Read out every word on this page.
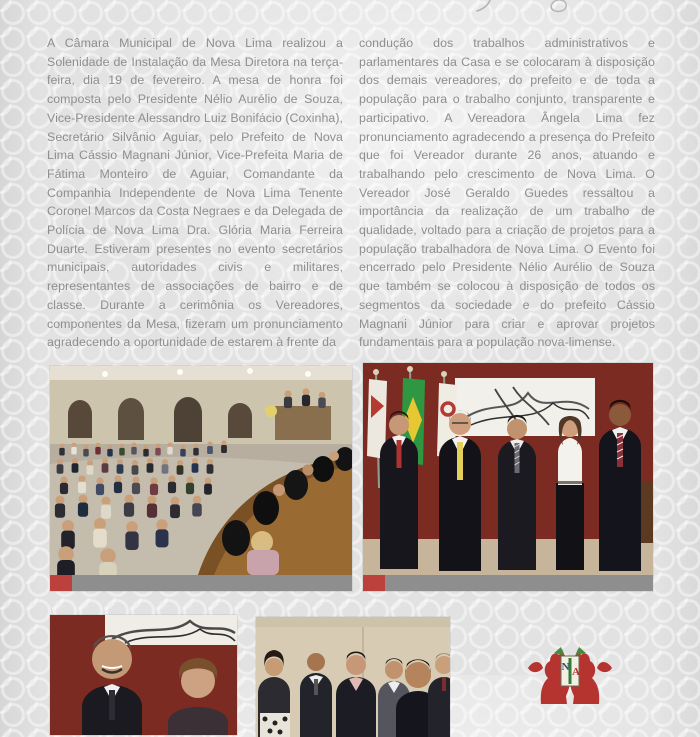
A Câmara Municipal de Nova Lima realizou a Solenidade de Instalação da Mesa Diretora na terça-feira, dia 19 de fevereiro. A mesa de honra foi composta pelo Presidente Nélio Aurélio de Souza, Vice-Presidente Alessandro Luiz Bonifácio (Coxinha), Secretário Silvânio Aguiar, pelo Prefeito de Nova Lima Cássio Magnani Júnior, Vice-Prefeita Maria de Fátima Monteiro de Aguiar, Comandante da Companhia Independente de Nova Lima Tenente Coronel Marcos da Costa Negraes e da Delegada de Polícia de Nova Lima Dra. Glória Maria Ferreira Duarte. Estiveram presentes no evento secretários municipais, autoridades civis e militares, representantes de associações de bairro e de classe. Durante a cerimônia os Vereadores, componentes da Mesa, fizeram um pronunciamento agradecendo a oportunidade de estarem à frente da
condução dos trabalhos administrativos e parlamentares da Casa e se colocaram à disposição dos demais vereadores, do prefeito e de toda a população para o trabalho conjunto, transparente e participativo. A Vereadora Ângela Lima fez pronunciamento agradecendo a presença do Prefeito que foi Vereador durante 26 anos, atuando e trabalhando pelo crescimento de Nova Lima. O Vereador José Geraldo Guedes ressaltou a importância da realização de um trabalho de qualidade, voltado para a criação de projetos para a população trabalhadora de Nova Lima. O Evento foi encerrado pelo Presidente Nélio Aurélio de Souza que também se colocou à disposição de todos os segmentos da sociedade e do prefeito Cássio Magnani Júnior para criar e aprovar projetos fundamentais para a população nova-limense.
N A
